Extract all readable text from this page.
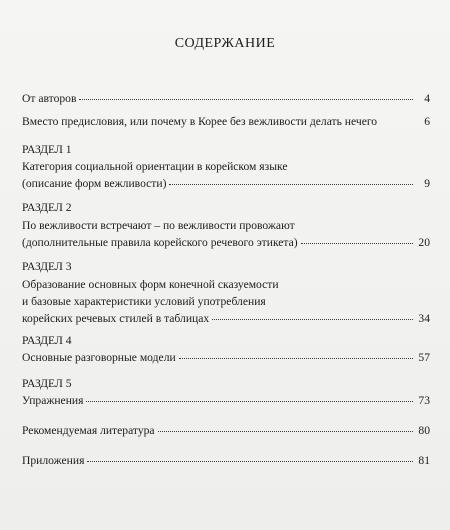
СОДЕРЖАНИЕ
От авторов	4
Вместо предисловия, или почему в Корее без вежливости делать нечего	6
РАЗДЕЛ 1
Категория социальной ориентации в корейском языке
(описание форм вежливости)	9
РАЗДЕЛ 2
По вежливости встречают – по вежливости провожают
(дополнительные правила корейского речевого этикета)	20
РАЗДЕЛ 3
Образование основных форм конечной сказуемости
и базовые характеристики условий употребления
корейских речевых стилей в таблицах	34
РАЗДЕЛ 4
Основные разговорные модели	57
РАЗДЕЛ 5
Упражнения	73
Рекомендуемая литература	80
Приложения	81
